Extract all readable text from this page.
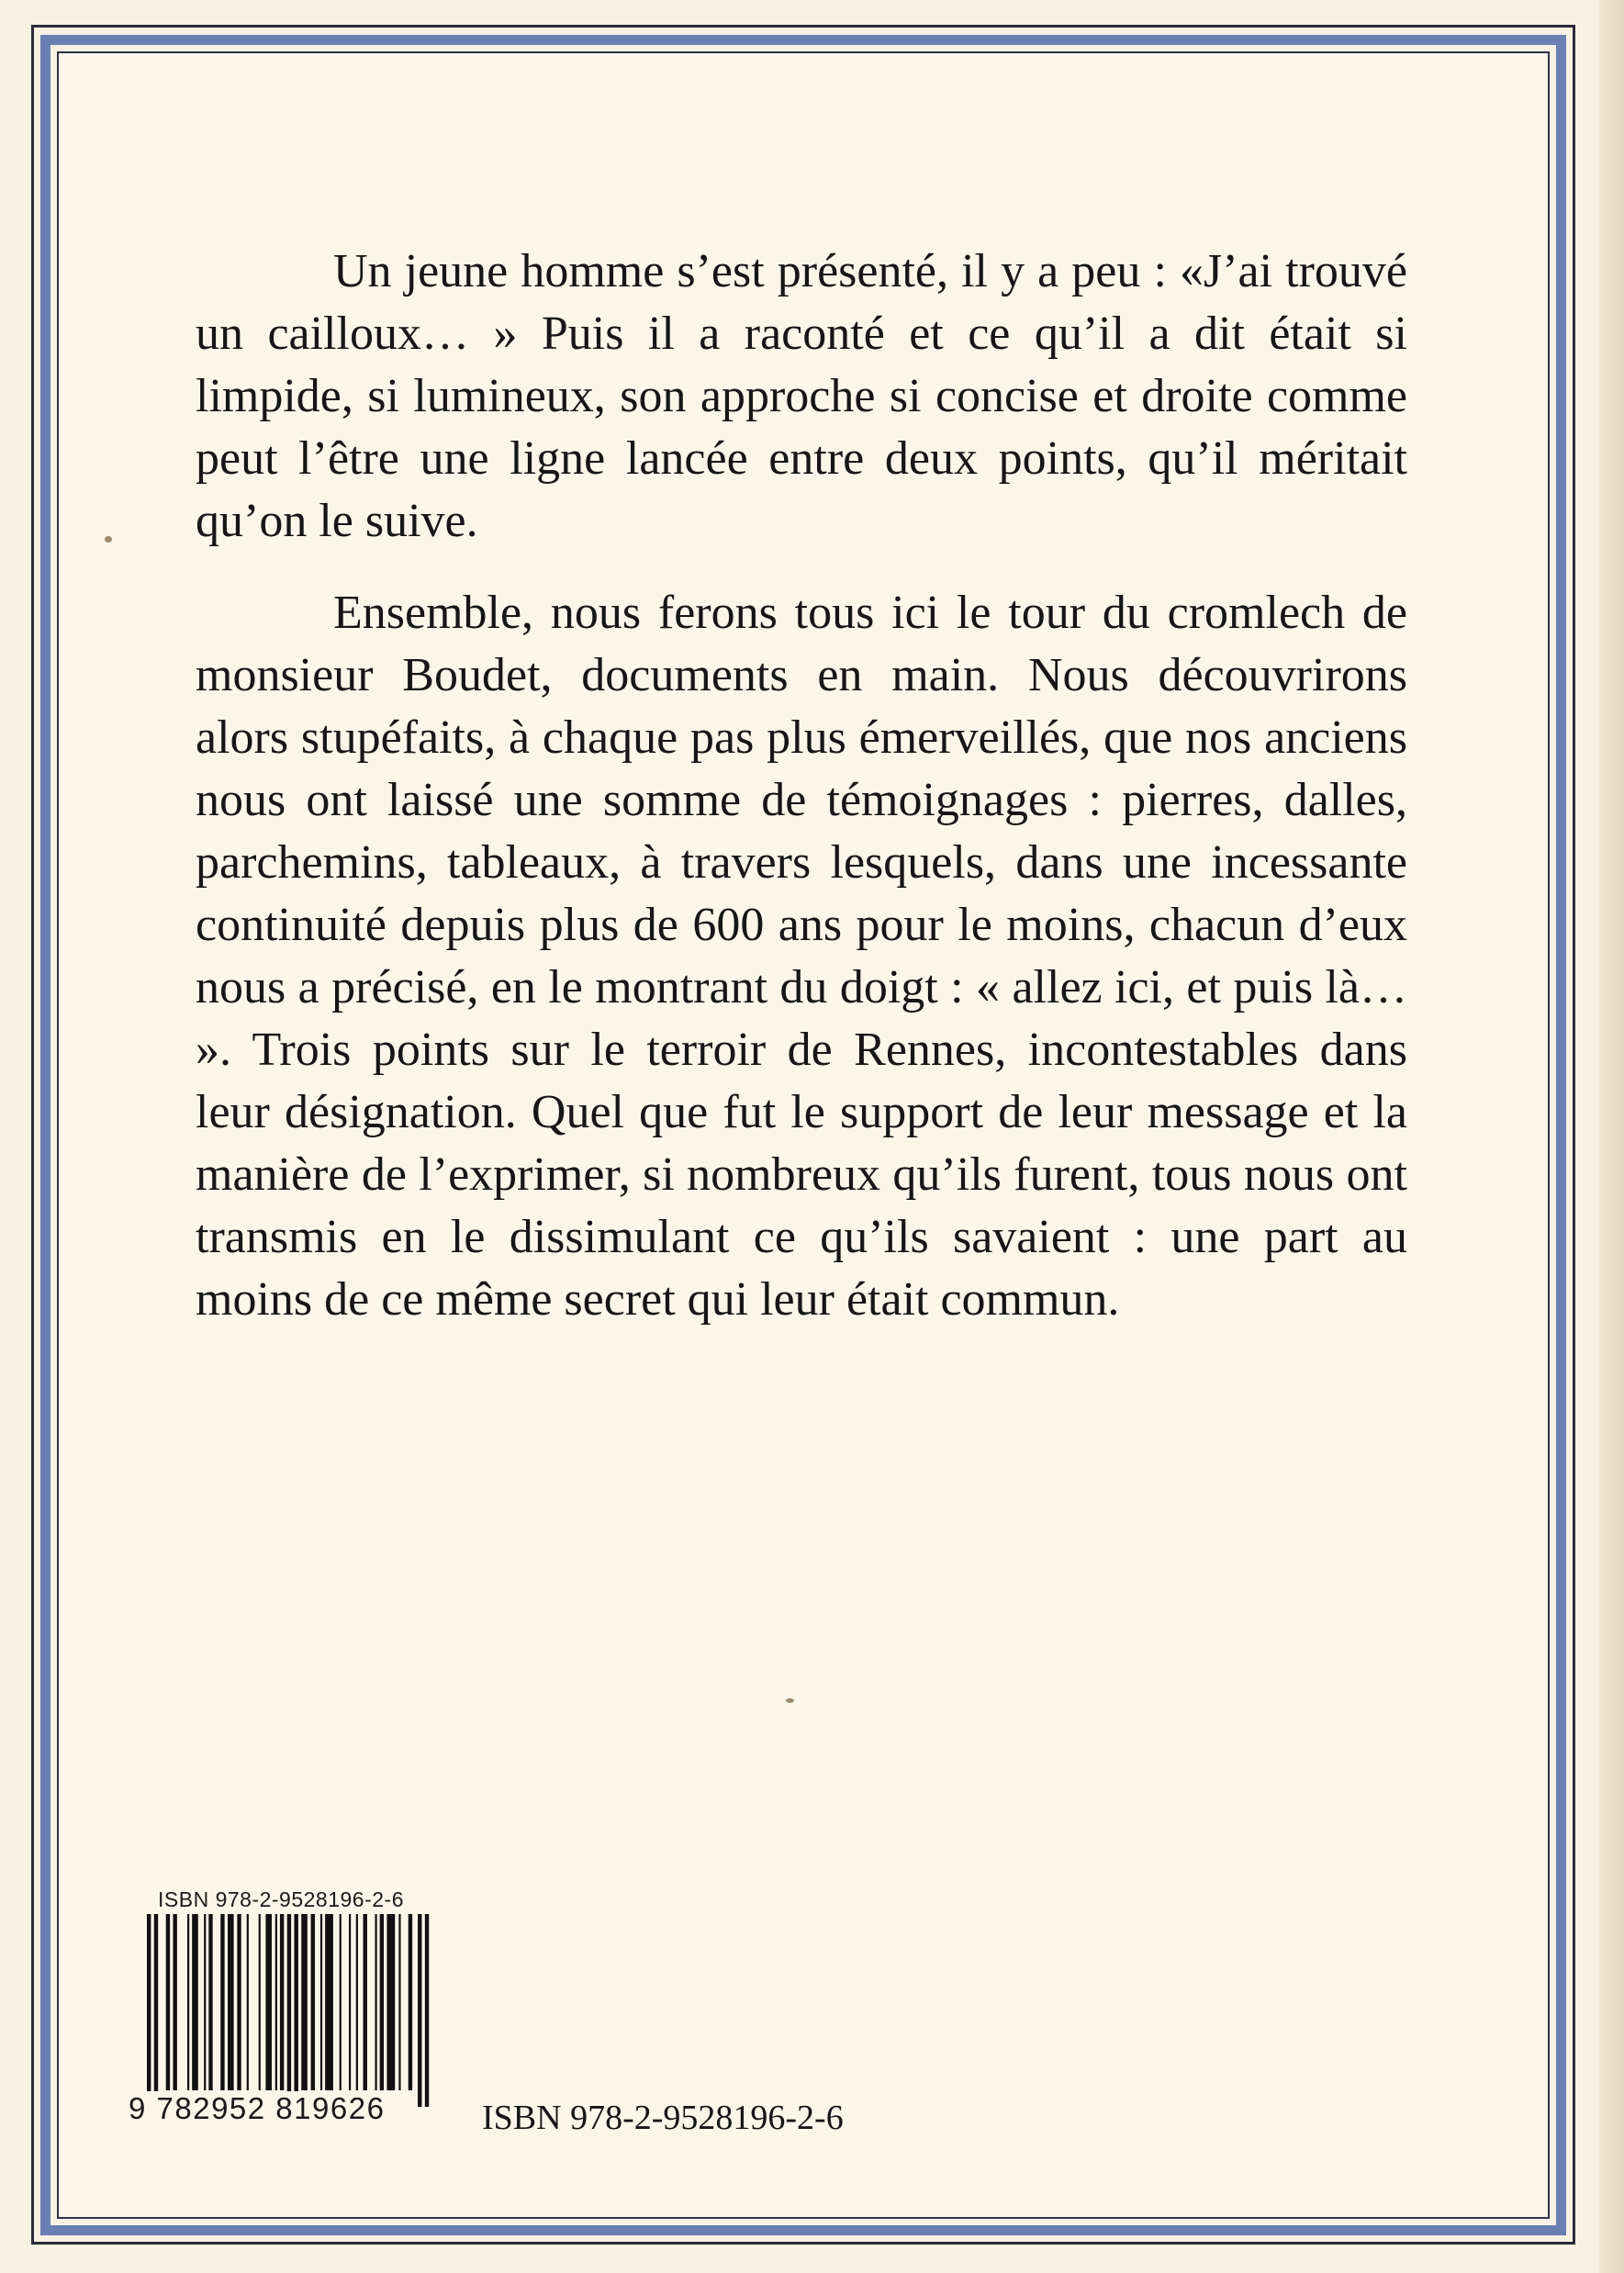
Un jeune homme s’est présenté, il y a peu : «J’ai trouvé un cailloux… » Puis il a raconté et ce qu’il a dit était si limpide, si lumineux, son approche si concise et droite comme peut l’être une ligne lancée entre deux points, qu’il méritait qu’on le suive.

Ensemble, nous ferons tous ici le tour du cromlech de monsieur Boudet, documents en main. Nous découvrirons alors stupéfaits, à chaque pas plus émerveillés, que nos anciens nous ont laissé une somme de témoignages : pierres, dalles, parchemins, tableaux, à travers lesquels, dans une incessante continuité depuis plus de 600 ans pour le moins, chacun d’eux nous a précisé, en le montrant du doigt : « allez ici, et puis là… ». Trois points sur le terroir de Rennes, incontestables dans leur désignation. Quel que fut le support de leur message et la manière de l’exprimer, si nombreux qu’ils furent, tous nous ont transmis en le dissimulant ce qu’ils savaient : une part au moins de ce même secret qui leur était commun.

ISBN 978-2-9528196-2-6
9 782952 819626	ISBN 978-2-9528196-2-6
